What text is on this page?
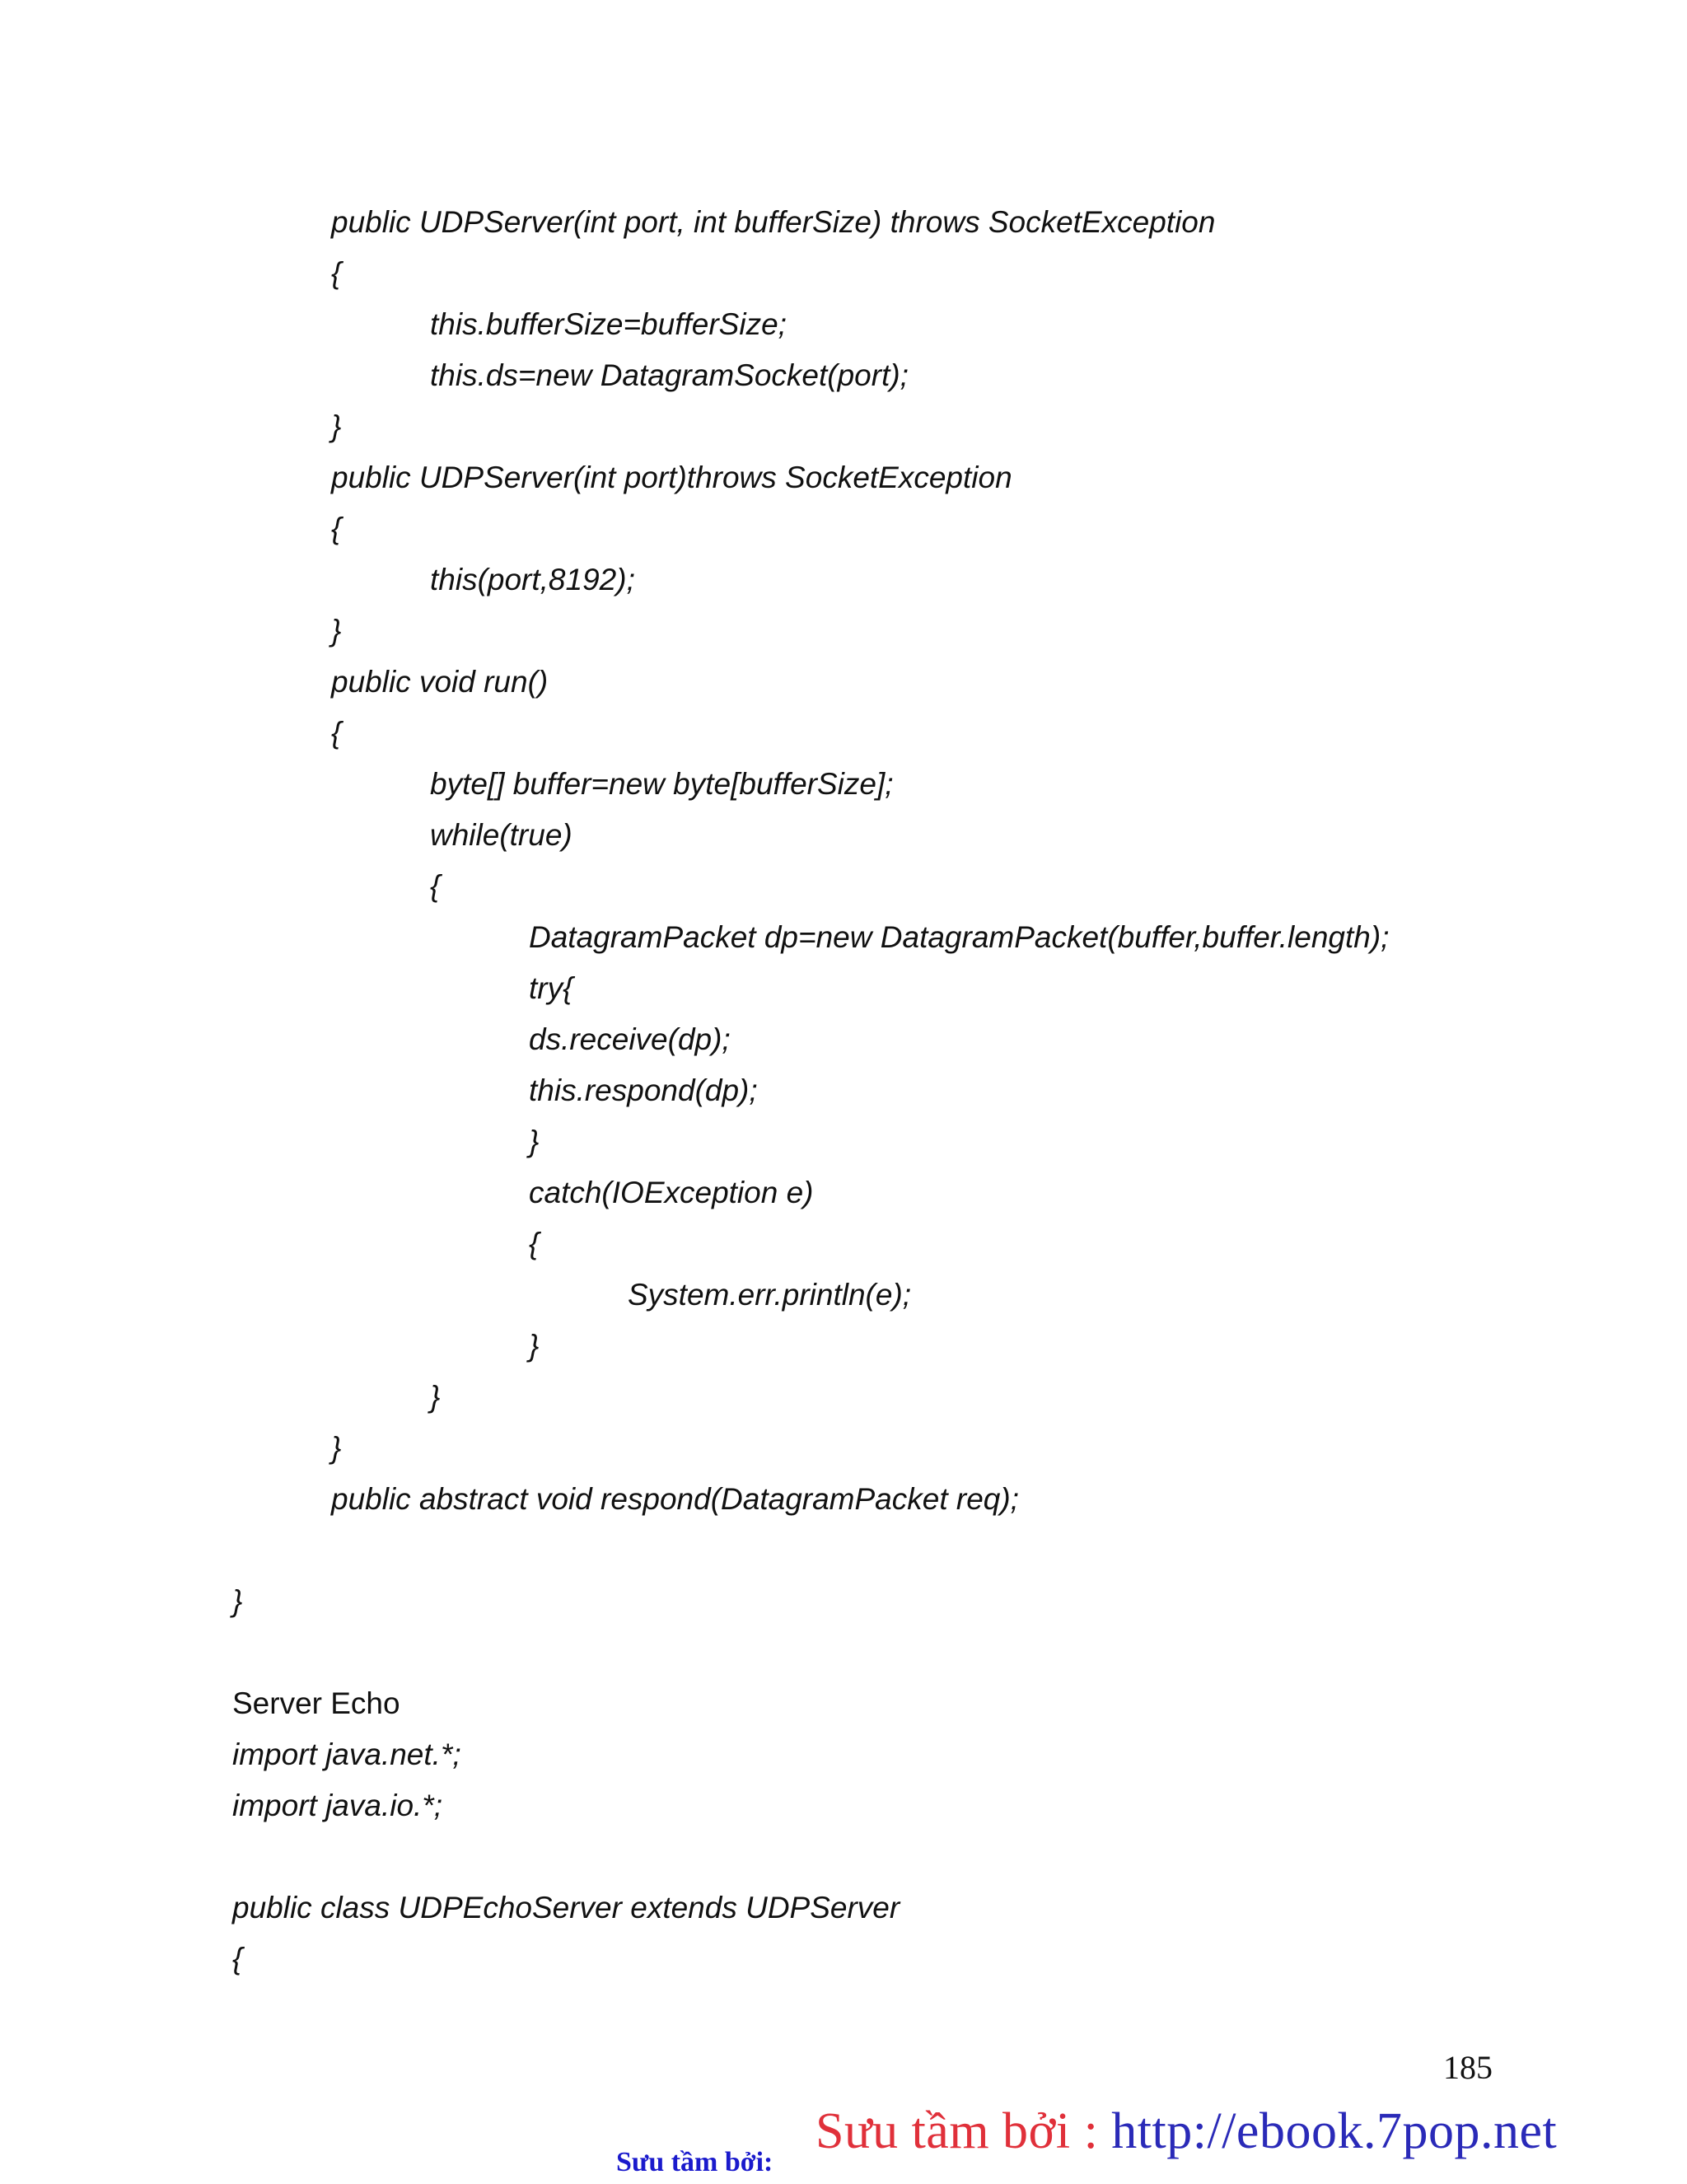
public UDPServer(int port, int bufferSize) throws SocketException
{
this.bufferSize=bufferSize;
this.ds=new DatagramSocket(port);
}
public UDPServer(int port)throws SocketException
{
this(port,8192);
}
public void run()
{
byte[] buffer=new byte[bufferSize];
while(true)
{
DatagramPacket dp=new DatagramPacket(buffer,buffer.length);
try{
ds.receive(dp);
this.respond(dp);
}
catch(IOException e)
{
System.err.println(e);
}
}
}
public abstract void respond(DatagramPacket req);
}
Server Echo
import java.net.*;
import java.io.*;
public class UDPEchoServer extends UDPServer
{
185
Sưu tầm bởi : http://ebook.7pop.net
Sưu tầm bởi:
